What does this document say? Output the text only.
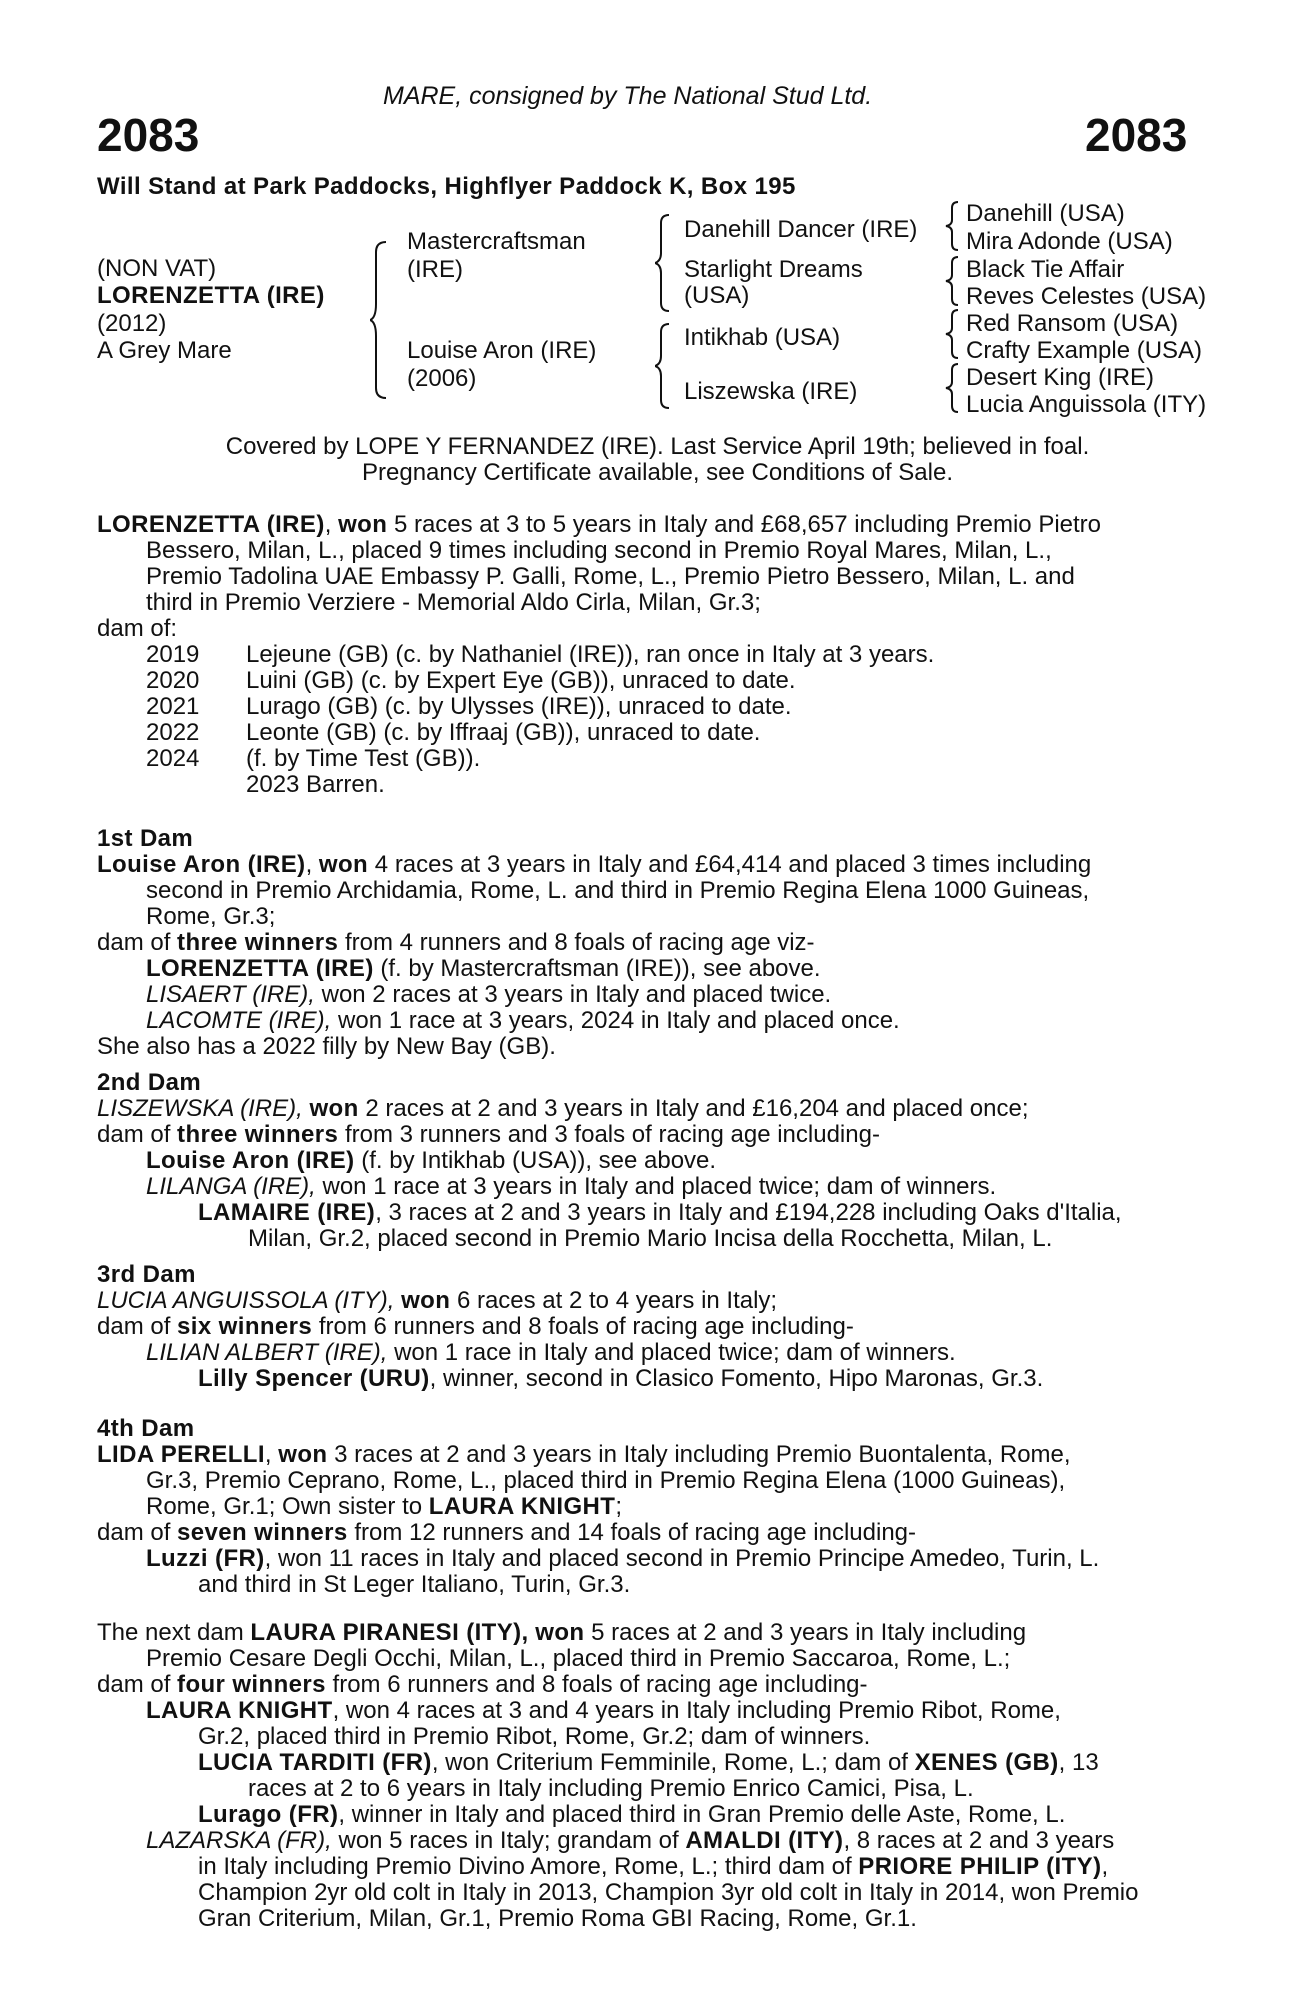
MARE, consigned by The National Stud Ltd.
2083	2083
Will Stand at Park Paddocks, Highflyer Paddock K, Box 195
(NON VAT)
LORENZETTA (IRE)
(2012)
A Grey Mare
Mastercraftsman
(IRE)
Louise Aron (IRE)
(2006)
Danehill Dancer (IRE)
Starlight Dreams
(USA)
Intikhab (USA)
Liszewska (IRE)
Danehill (USA)
Mira Adonde (USA)
Black Tie Affair
Reves Celestes (USA)
Red Ransom (USA)
Crafty Example (USA)
Desert King (IRE)
Lucia Anguissola (ITY)
Covered by LOPE Y FERNANDEZ (IRE). Last Service April 19th; believed in foal.
Pregnancy Certificate available, see Conditions of Sale.
LORENZETTA (IRE), won 5 races at 3 to 5 years in Italy and £68,657 including Premio Pietro
Bessero, Milan, L., placed 9 times including second in Premio Royal Mares, Milan, L.,
Premio Tadolina UAE Embassy P. Galli, Rome, L., Premio Pietro Bessero, Milan, L. and
third in Premio Verziere - Memorial Aldo Cirla, Milan, Gr.3;
dam of:
2019 Lejeune (GB) (c. by Nathaniel (IRE)), ran once in Italy at 3 years.
2020 Luini (GB) (c. by Expert Eye (GB)), unraced to date.
2021 Lurago (GB) (c. by Ulysses (IRE)), unraced to date.
2022 Leonte (GB) (c. by Iffraaj (GB)), unraced to date.
2024 (f. by Time Test (GB)).
2023 Barren.
1st Dam
Louise Aron (IRE), won 4 races at 3 years in Italy and £64,414 and placed 3 times including
second in Premio Archidamia, Rome, L. and third in Premio Regina Elena 1000 Guineas,
Rome, Gr.3;
dam of three winners from 4 runners and 8 foals of racing age viz-
LORENZETTA (IRE) (f. by Mastercraftsman (IRE)), see above.
LISAERT (IRE), won 2 races at 3 years in Italy and placed twice.
LACOMTE (IRE), won 1 race at 3 years, 2024 in Italy and placed once.
She also has a 2022 filly by New Bay (GB).
2nd Dam
LISZEWSKA (IRE), won 2 races at 2 and 3 years in Italy and £16,204 and placed once;
dam of three winners from 3 runners and 3 foals of racing age including-
Louise Aron (IRE) (f. by Intikhab (USA)), see above.
LILANGA (IRE), won 1 race at 3 years in Italy and placed twice; dam of winners.
LAMAIRE (IRE), 3 races at 2 and 3 years in Italy and £194,228 including Oaks d'Italia,
Milan, Gr.2, placed second in Premio Mario Incisa della Rocchetta, Milan, L.
3rd Dam
LUCIA ANGUISSOLA (ITY), won 6 races at 2 to 4 years in Italy;
dam of six winners from 6 runners and 8 foals of racing age including-
LILIAN ALBERT (IRE), won 1 race in Italy and placed twice; dam of winners.
Lilly Spencer (URU), winner, second in Clasico Fomento, Hipo Maronas, Gr.3.
4th Dam
LIDA PERELLI, won 3 races at 2 and 3 years in Italy including Premio Buontalenta, Rome,
Gr.3, Premio Ceprano, Rome, L., placed third in Premio Regina Elena (1000 Guineas),
Rome, Gr.1; Own sister to LAURA KNIGHT;
dam of seven winners from 12 runners and 14 foals of racing age including-
Luzzi (FR), won 11 races in Italy and placed second in Premio Principe Amedeo, Turin, L.
and third in St Leger Italiano, Turin, Gr.3.
The next dam LAURA PIRANESI (ITY), won 5 races at 2 and 3 years in Italy including
Premio Cesare Degli Occhi, Milan, L., placed third in Premio Saccaroa, Rome, L.;
dam of four winners from 6 runners and 8 foals of racing age including-
LAURA KNIGHT, won 4 races at 3 and 4 years in Italy including Premio Ribot, Rome,
Gr.2, placed third in Premio Ribot, Rome, Gr.2; dam of winners.
LUCIA TARDITI (FR), won Criterium Femminile, Rome, L.; dam of XENES (GB), 13
races at 2 to 6 years in Italy including Premio Enrico Camici, Pisa, L.
Lurago (FR), winner in Italy and placed third in Gran Premio delle Aste, Rome, L.
LAZARSKA (FR), won 5 races in Italy; grandam of AMALDI (ITY), 8 races at 2 and 3 years
in Italy including Premio Divino Amore, Rome, L.; third dam of PRIORE PHILIP (ITY),
Champion 2yr old colt in Italy in 2013, Champion 3yr old colt in Italy in 2014, won Premio
Gran Criterium, Milan, Gr.1, Premio Roma GBI Racing, Rome, Gr.1.
